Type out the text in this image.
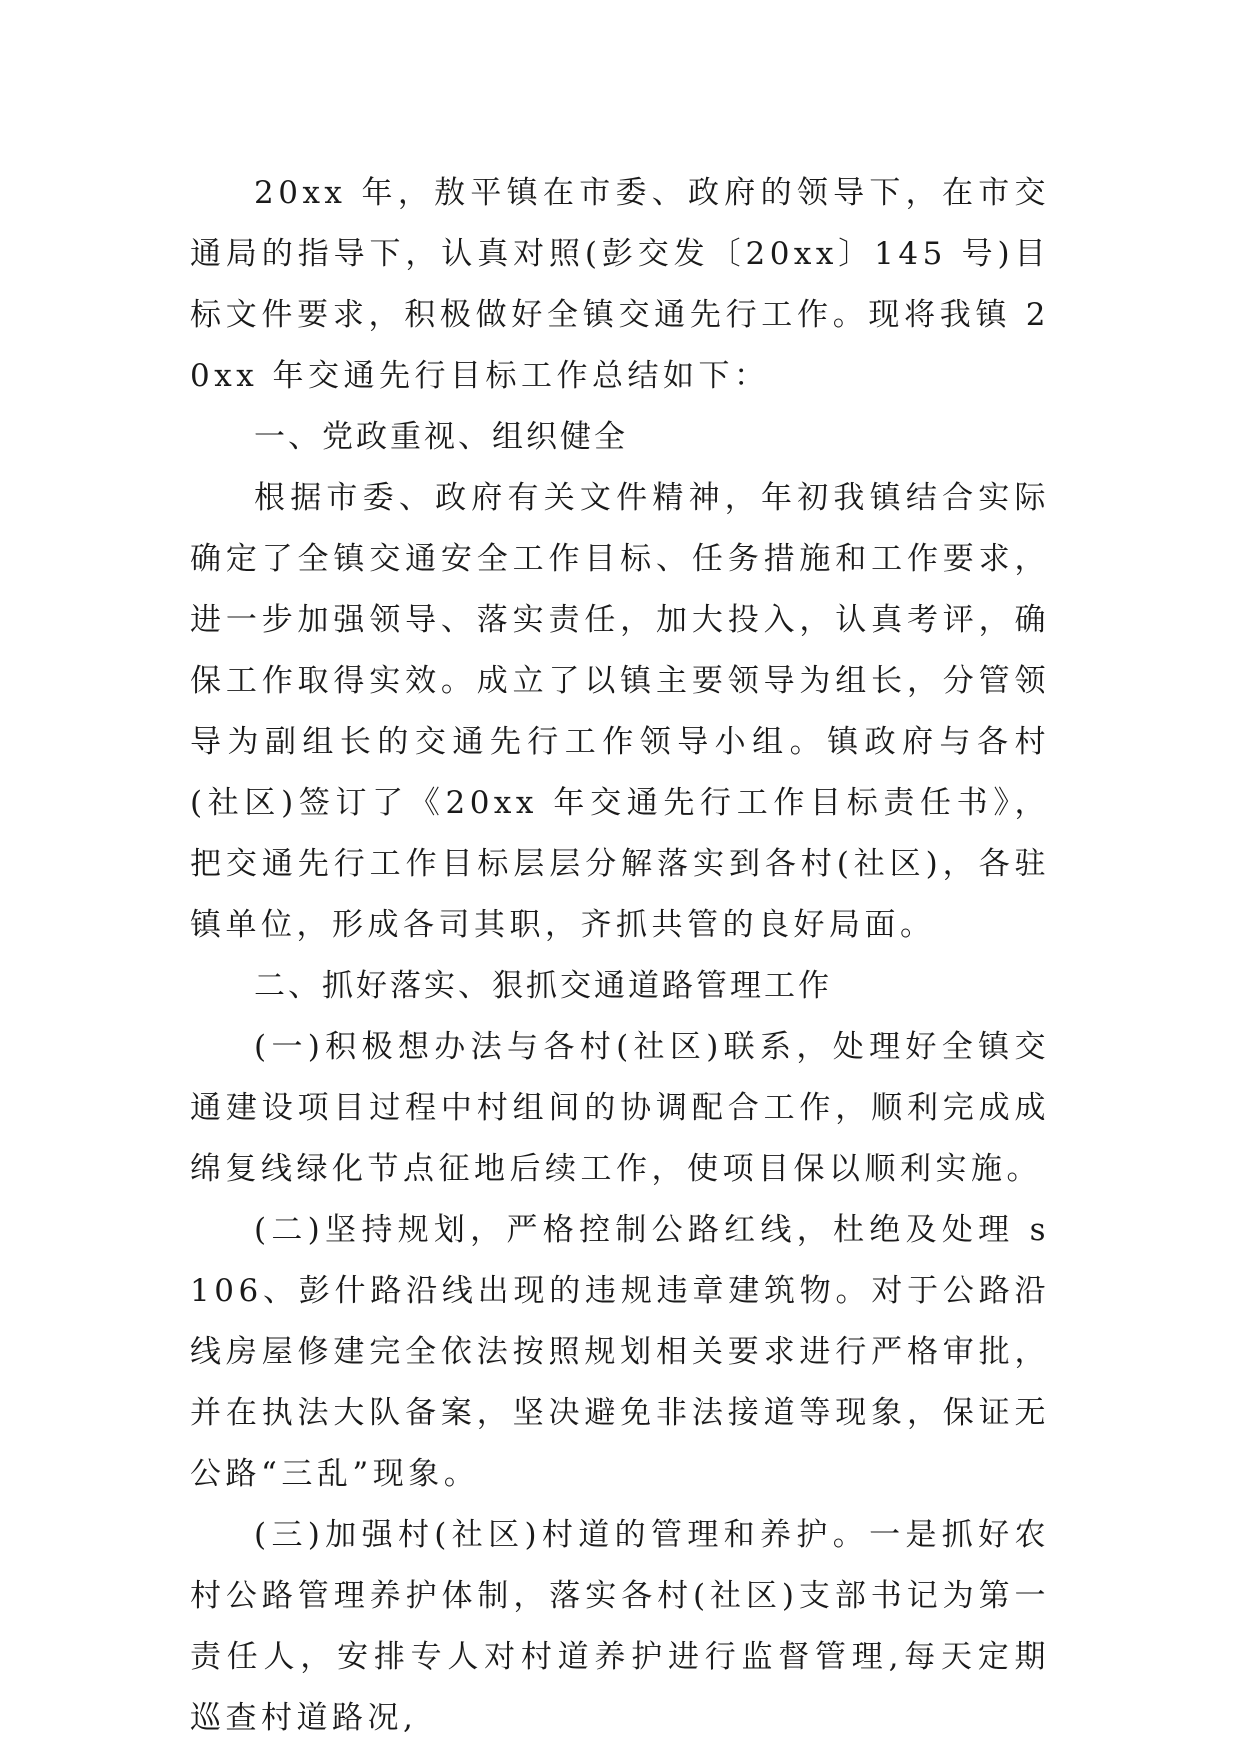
20xx 年，敖平镇在市委、政府的领导下，在市交通局的指导下，认真对照(彭交发〔20xx〕145 号)目标文件要求，积极做好全镇交通先行工作。现将我镇 20xx 年交通先行目标工作总结如下：

一、党政重视、组织健全

根据市委、政府有关文件精神，年初我镇结合实际确定了全镇交通安全工作目标、任务措施和工作要求，进一步加强领导、落实责任，加大投入，认真考评，确保工作取得实效。成立了以镇主要领导为组长，分管领导为副组长的交通先行工作领导小组。镇政府与各村(社区)签订了《20xx 年交通先行工作目标责任书》，把交通先行工作目标层层分解落实到各村(社区)，各驻镇单位，形成各司其职，齐抓共管的良好局面。

二、抓好落实、狠抓交通道路管理工作

(一)积极想办法与各村(社区)联系，处理好全镇交通建设项目过程中村组间的协调配合工作，顺利完成成绵复线绿化节点征地后续工作，使项目保以顺利实施。

(二)坚持规划，严格控制公路红线，杜绝及处理 s106、彭什路沿线出现的违规违章建筑物。对于公路沿线房屋修建完全依法按照规划相关要求进行严格审批，并在执法大队备案，坚决避免非法接道等现象，保证无公路“三乱”现象。

(三)加强村(社区)村道的管理和养护。一是抓好农村公路管理养护体制，落实各村(社区)支部书记为第一责任人，安排专人对村道养护进行监督管理,每天定期巡查村道路况,
